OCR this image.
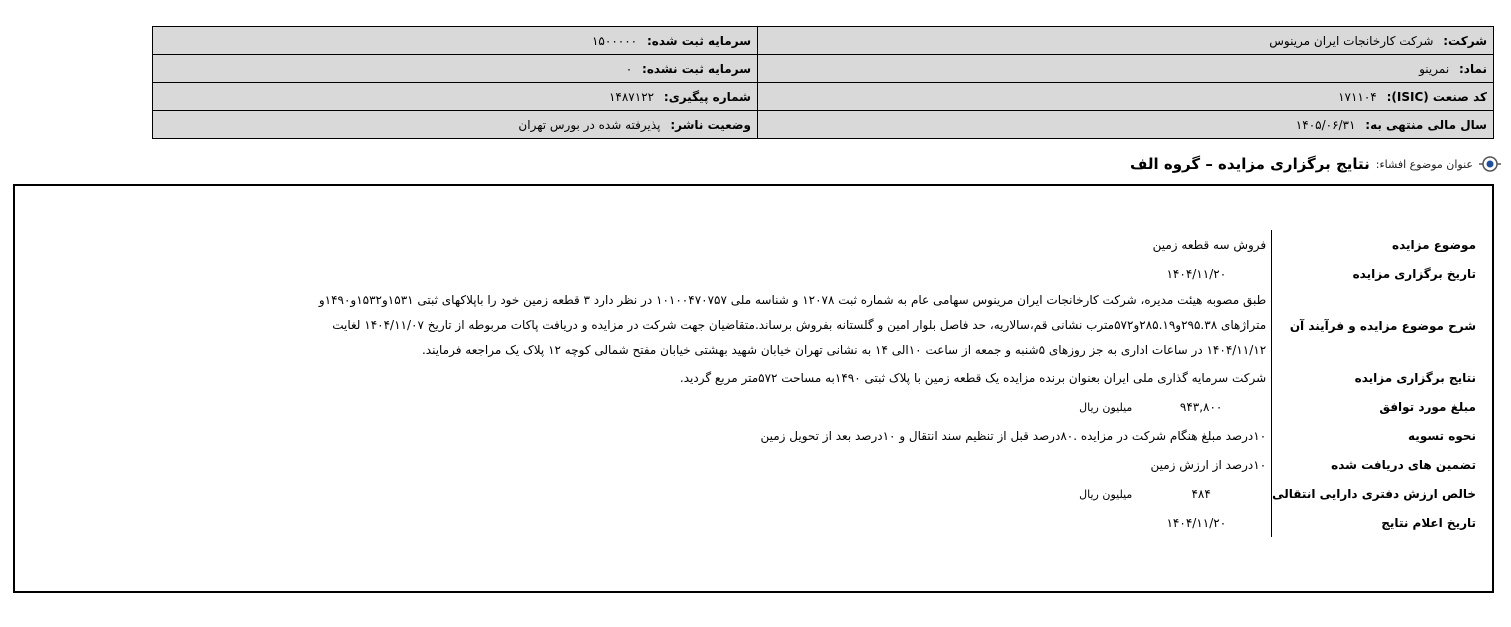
شرکت: شرکت کارخانجات ایران مرینوس	سرمایه ثبت شده: ۱۵۰۰۰۰۰
نماد: نمرینو	سرمایه ثبت نشده: ۰
کد صنعت (ISIC): ۱۷۱۱۰۴	شماره پیگیری: ۱۴۸۷۱۲۲
سال مالی منتهی به: ۱۴۰۵/۰۶/۳۱	وضعیت ناشر: پذیرفته شده در بورس تهران
عنوان موضوع افشاء:
نتایج برگزاری مزایده – گروه الف
موضوع مزایده	فروش سه قطعه زمین
تاریخ برگزاری مزایده	۱۴۰۴/۱۱/۲۰
شرح موضوع مزایده و فرآیند آن	طبق مصوبه هیئت مدیره، شرکت کارخانجات ایران مرینوس سهامی عام به شماره ثبت ۱۲۰۷۸ و شناسه ملی ۱۰۱۰۰۴۷۰۷۵۷ در نظر دارد ۳ قطعه زمین خود را باپلاکهای ثبتی ۱۵۳۱و۱۵۳۲و۱۴۹۰و
متراژهای ۲۹۵.۳۸و۲۸۵.۱۹و۵۷۲مترب نشانی قم،سالاریه، حد فاصل بلوار امین و گلستانه بفروش برساند.متقاضیان جهت شرکت در مزایده و دریافت پاکات مربوطه از تاریخ ۱۴۰۴/۱۱/۰۷ لغایت
۱۴۰۴/۱۱/۱۲ در ساعات اداری به جز روزهای ۵شنبه و جمعه از ساعت ۱۰الی ۱۴ به نشانی تهران خیابان شهید بهشتی خیابان مفتح شمالی کوچه ۱۲ پلاک یک مراجعه فرمایند.

نتایج برگزاری مزایده	شرکت سرمایه گذاری ملی ایران بعنوان برنده مزایده یک قطعه زمین با پلاک ثبتی ۱۴۹۰به مساحت ۵۷۲متر مربع گردید.
مبلغ مورد توافق	۹۴۳,۸۰۰ میلیون ریال
نحوه تسویه	۱۰درصد مبلغ هنگام شرکت در مزایده .۸۰درصد قبل از تنظیم سند انتقال و ۱۰درصد بعد از تحویل زمین
تضمین های دریافت شده	۱۰درصد از ارزش زمین
خالص ارزش دفتری دارایی انتقالی	۴۸۴ میلیون ریال
تاریخ اعلام نتایج	۱۴۰۴/۱۱/۲۰
